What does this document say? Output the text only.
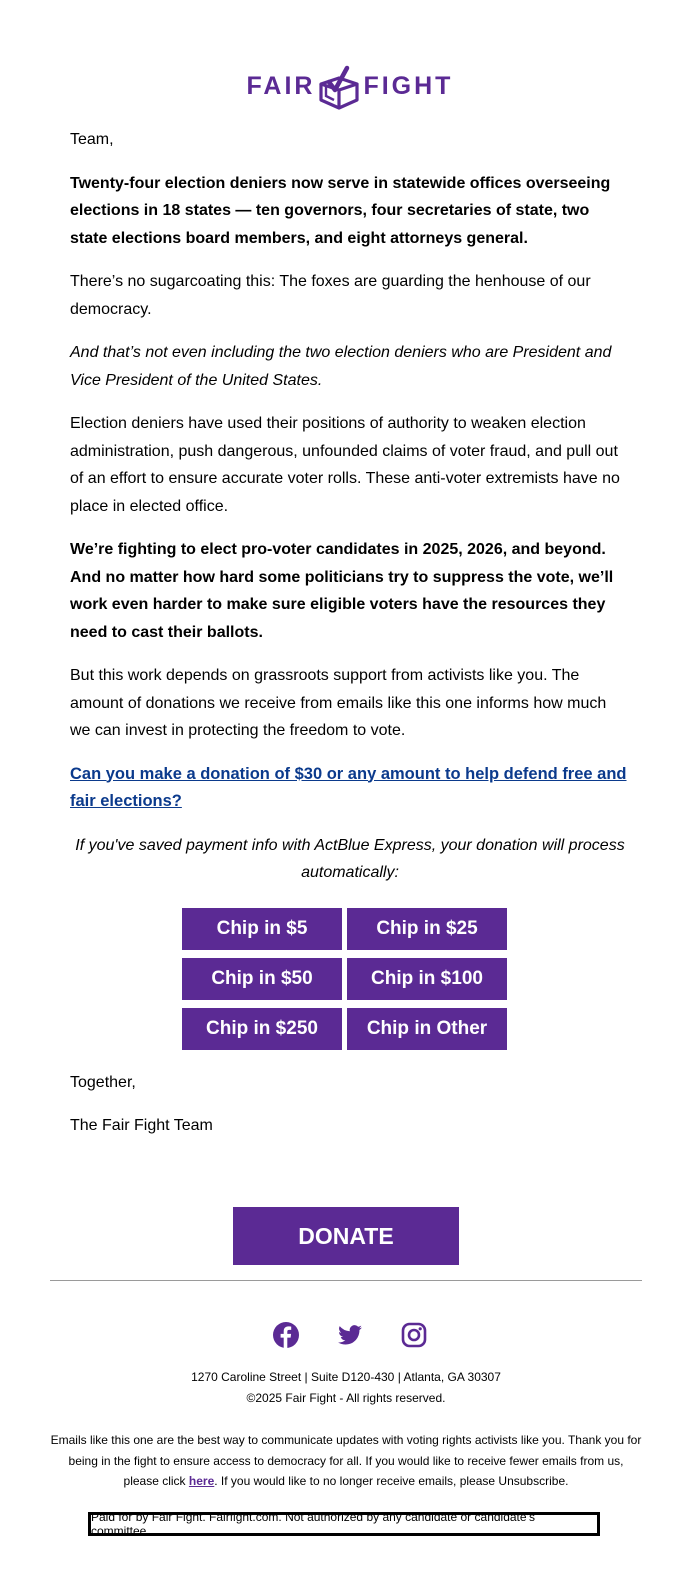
FAIR FIGHT

Team,

Twenty-four election deniers now serve in statewide offices overseeing elections in 18 states — ten governors, four secretaries of state, two state elections board members, and eight attorneys general.

There’s no sugarcoating this: The foxes are guarding the henhouse of our democracy.

And that’s not even including the two election deniers who are President and Vice President of the United States.

Election deniers have used their positions of authority to weaken election administration, push dangerous, unfounded claims of voter fraud, and pull out of an effort to ensure accurate voter rolls. These anti-voter extremists have no place in elected office.

We’re fighting to elect pro-voter candidates in 2025, 2026, and beyond. And no matter how hard some politicians try to suppress the vote, we’ll work even harder to make sure eligible voters have the resources they need to cast their ballots.

But this work depends on grassroots support from activists like you. The amount of donations we receive from emails like this one informs how much we can invest in protecting the freedom to vote.

Can you make a donation of $30 or any amount to help defend free and fair elections?

If you've saved payment info with ActBlue Express, your donation will process automatically:

Chip in $5	Chip in $25
Chip in $50	Chip in $100
Chip in $250	Chip in Other

Together,

The Fair Fight Team

DONATE
1270 Caroline Street | Suite D120-430 | Atlanta, GA 30307
©2025 Fair Fight - All rights reserved.
Emails like this one are the best way to communicate updates with voting rights activists like you. Thank you for being in the fight to ensure access to democracy for all. If you would like to receive fewer emails from us, please click here. If you would like to no longer receive emails, please Unsubscribe.
Paid for by Fair Fight. Fairfight.com. Not authorized by any candidate or candidate’s committee.
